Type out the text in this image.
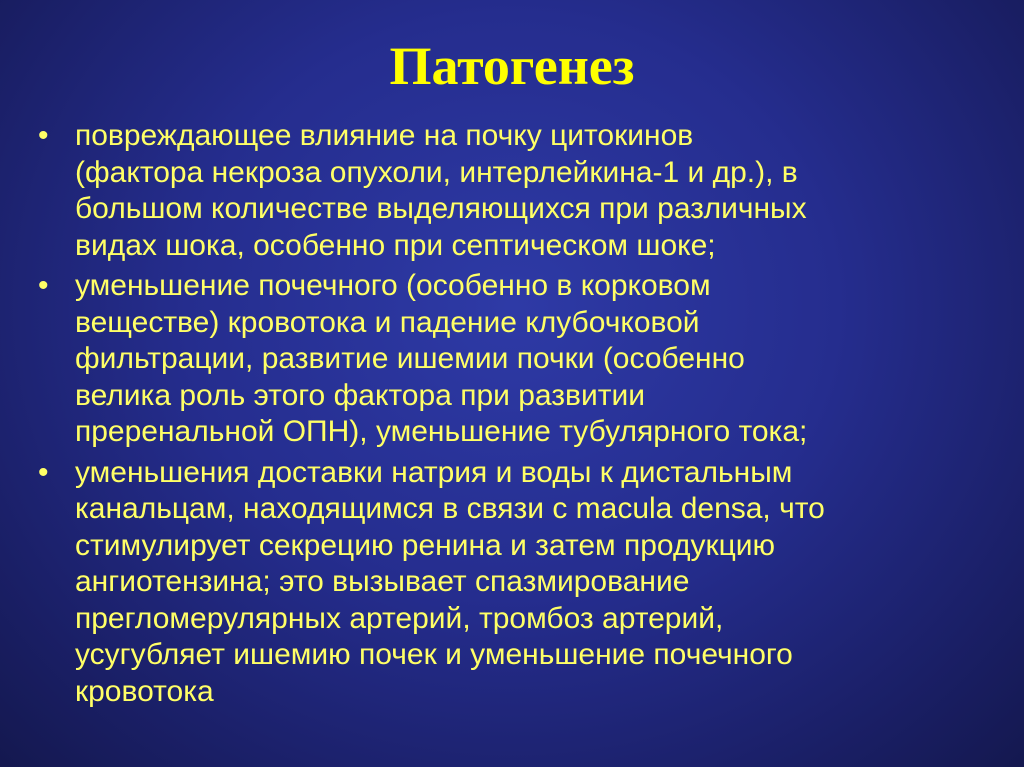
Патогенез
• повреждающее влияние на почку цитокинов
(фактора некроза опухоли, интерлейкина-1 и др.), в
большом количестве выделяющихся при различных
видах шока, особенно при септическом шоке;
• уменьшение почечного (особенно в корковом
веществе) кровотока и падение клубочковой
фильтрации, развитие ишемии почки (особенно
велика роль этого фактора при развитии
преренальной ОПН), уменьшение тубулярного тока;
• уменьшения доставки натрия и воды к дистальным
канальцам, находящимся в связи с macula densa, что
стимулирует секрецию ренина и затем продукцию
ангиотензина; это вызывает спазмирование
прегломерулярных артерий, тромбоз артерий,
усугубляет ишемию почек и уменьшение почечного
кровотока
